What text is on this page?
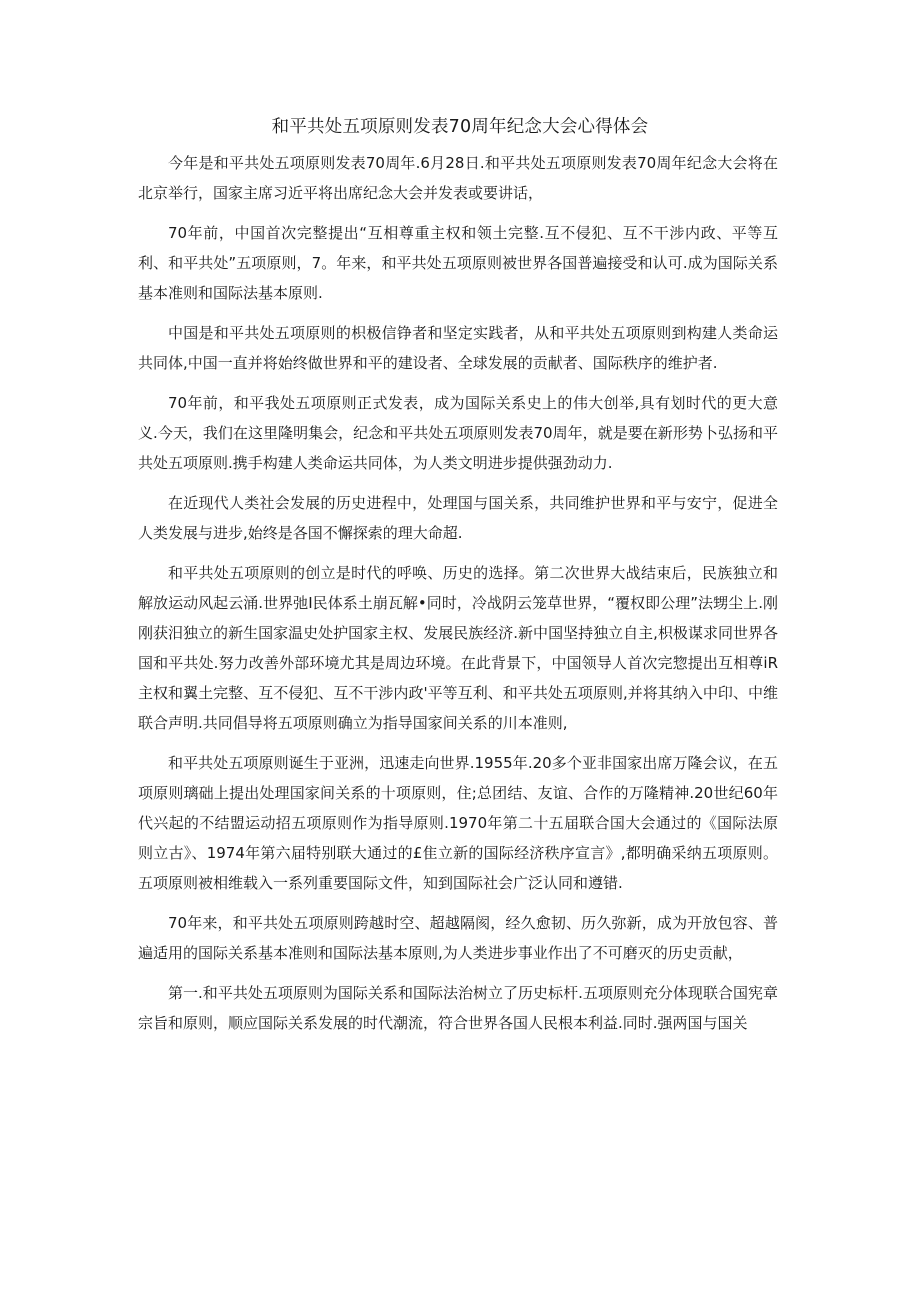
和平共处五项原则发表70周年纪念大会心得体会

今年是和平共处五项原则发表70周年.6月28日.和平共处五项原则发表70周年纪念大会将在北京举行，国家主席习近平将出席纪念大会并发表或要讲话，

70年前，中国首次完整提出“互相尊重主权和领土完整.互不侵犯、互不干涉内政、平等互利、和平共处”五项原则，7。年来，和平共处五项原则被世界各国普遍接受和认可.成为国际关系基本准则和国际法基本原则.

中国是和平共处五项原则的枳极信铮者和坚定实践者，从和平共处五项原则到构建人类命运共同体,中国一直并将始终做世界和平的建设者、全球发展的贡献者、国际秩序的维护者.

70年前，和平我处五项原则正式发表，成为国际关系史上的伟大创举,具有划时代的更大意义.今天，我们在这里隆明集会，纪念和平共处五项原则发表70周年，就是要在新形势卜弘扬和平共处五项原则.携手构建人类命运共同体，为人类文明进步提供强劲动力.

在近现代人类社会发展的历史进程中，处理国与国关系，共同维护世界和平与安宁，促进全人类发展与进步,始终是各国不懈探索的理大命超.

和平共处五项原则的创立是时代的呼唤、历史的选择。第二次世界大战结束后，民族独立和解放运动风起云涌.世界弛I民体系土崩瓦解•同时，冷战阴云笼草世界，“覆权即公理”法甥尘上.刚刚获汨独立的新生国家温史处护国家主权、发展民族经济.新中国坚持独立自主,枳极谋求同世界各国和平共处.努力改善外部环境尤其是周边环境。在此背景下，中国领导人首次完惣提出互相尊iR主权和翼土完整、互不侵犯、互不干涉内政'平等互利、和平共处五项原则,并将其纳入中印、中维联合声明.共同倡导将五项原则确立为指导国家间关系的川本准则,

和平共处五项原则诞生于亚洲，迅速走向世界.1955年.20多个亚非国家出席万隆会议，在五项原则璃础上提出处理国家间关系的十项原则，住;总团结、友谊、合作的万隆精神.20世纪60年代兴起的不结盟运动招五项原则作为指导原则.1970年第二十五届联合国大会通过的《国际法原则立古》、1974年第六届特别联大通过的£隹立新的国际经济秩序宣言》,都明确采纳五项原则。五项原则被相维载入一系列重要国际文件，知到国际社会广泛认同和遵错.

70年来，和平共处五项原则跨越时空、超越隔阂，经久愈韧、历久弥新，成为开放包容、普遍适用的国际关系基本准则和国际法基本原则,为人类进步事业作出了不可磨灭的历史贡献，

第一.和平共处五项原则为国际关系和国际法治树立了历史标杆.五项原则充分体现联合国宪章宗旨和原则，顺应国际关系发展的时代潮流，符合世界各国人民根本利益.同时.强两国与国关
